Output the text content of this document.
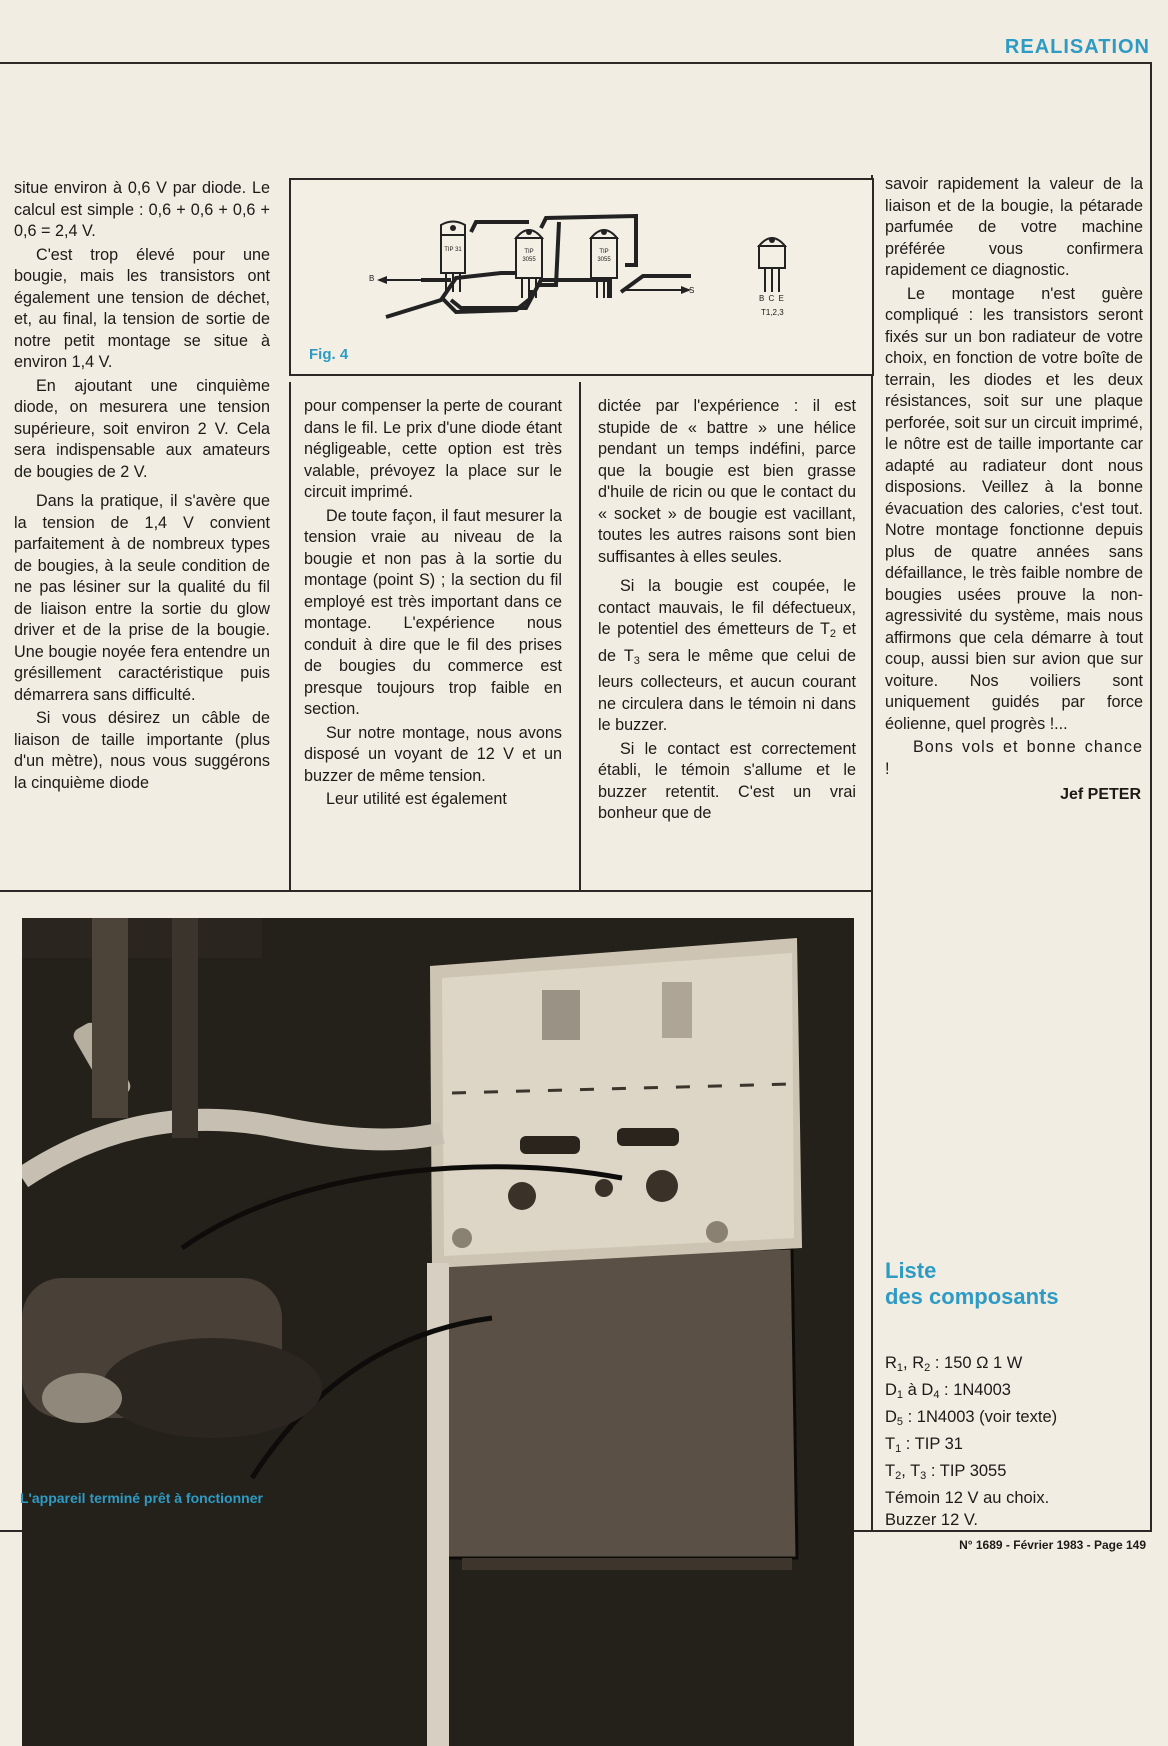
REALISATION

situe environ à 0,6 V par diode. Le calcul est simple : 0,6 + 0,6 + 0,6 + 0,6 = 2,4 V.

C'est trop élevé pour une bougie, mais les transistors ont également une tension de déchet, et, au final, la tension de sortie de notre petit montage se situe à environ 1,4 V.

En ajoutant une cinquième diode, on mesurera une tension supérieure, soit environ 2 V. Cela sera indispensable aux amateurs de bougies de 2 V.

Dans la pratique, il s'avère que la tension de 1,4 V convient parfaitement à de nombreux types de bougies, à la seule condition de ne pas lésiner sur la qualité du fil de liaison entre la sortie du glow driver et de la prise de la bougie. Une bougie noyée fera entendre un grésillement caractéristique puis démarrera sans difficulté.

Si vous désirez un câble de liaison de taille importante (plus d'un mètre), nous vous suggérons la cinquième diode

B
S
TIP 31	TIP 3055
TIP 3055
B C E
T1,2,3
Fig. 4

pour compenser la perte de courant dans le fil. Le prix d'une diode étant négligeable, cette option est très valable, prévoyez la place sur le circuit imprimé.

De toute façon, il faut mesurer la tension vraie au niveau de la bougie et non pas à la sortie du montage (point S) ; la section du fil employé est très important dans ce montage. L'expérience nous conduit à dire que le fil des prises de bougies du commerce est presque toujours trop faible en section.

Sur notre montage, nous avons disposé un voyant de 12 V et un buzzer de même tension.

Leur utilité est également

dictée par l'expérience : il est stupide de « battre » une hélice pendant un temps indéfini, parce que la bougie est bien grasse d'huile de ricin ou que le contact du « socket » de bougie est vacillant, toutes les autres raisons sont bien suffisantes à elles seules.

Si la bougie est coupée, le contact mauvais, le fil défectueux, le potentiel des émetteurs de $T_2$ et de $T_3$ sera le même que celui de leurs collecteurs, et aucun courant ne circulera dans le témoin ni dans le buzzer.

Si le contact est correctement établi, le témoin s'allume et le buzzer retentit. C'est un vrai bonheur que de

savoir rapidement la valeur de la liaison et de la bougie, la pétarade parfumée de votre machine préférée vous confirmera rapidement ce diagnostic.

Le montage n'est guère compliqué : les transistors seront fixés sur un bon radiateur de votre choix, en fonction de votre boîte de terrain, les diodes et les deux résistances, soit sur une plaque perforée, soit sur un circuit imprimé, le nôtre est de taille importante car adapté au radiateur dont nous disposions. Veillez à la bonne évacuation des calories, c'est tout. Notre montage fonctionne depuis plus de quatre années sans défaillance, le très faible nombre de bougies usées prouve la non-agressivité du système, mais nous affirmons que cela démarre à tout coup, aussi bien sur avion que sur voiture. Nos voiliers sont uniquement guidés par force éolienne, quel progrès !...

Bons vols et bonne chance !

Jef PETER
L'appareil terminé prêt à fonctionner
Liste
des composants
$R_1$, $R_2$ : 150 Ω 1 W
$D_1$ à $D_4$ : 1N4003
$D_5$ : 1N4003 (voir texte)
$T_1$ : TIP 31
$T_2$, $T_3$ : TIP 3055
Témoin 12 V au choix.
Buzzer 12 V.
N° 1689 - Février 1983 - Page 149
